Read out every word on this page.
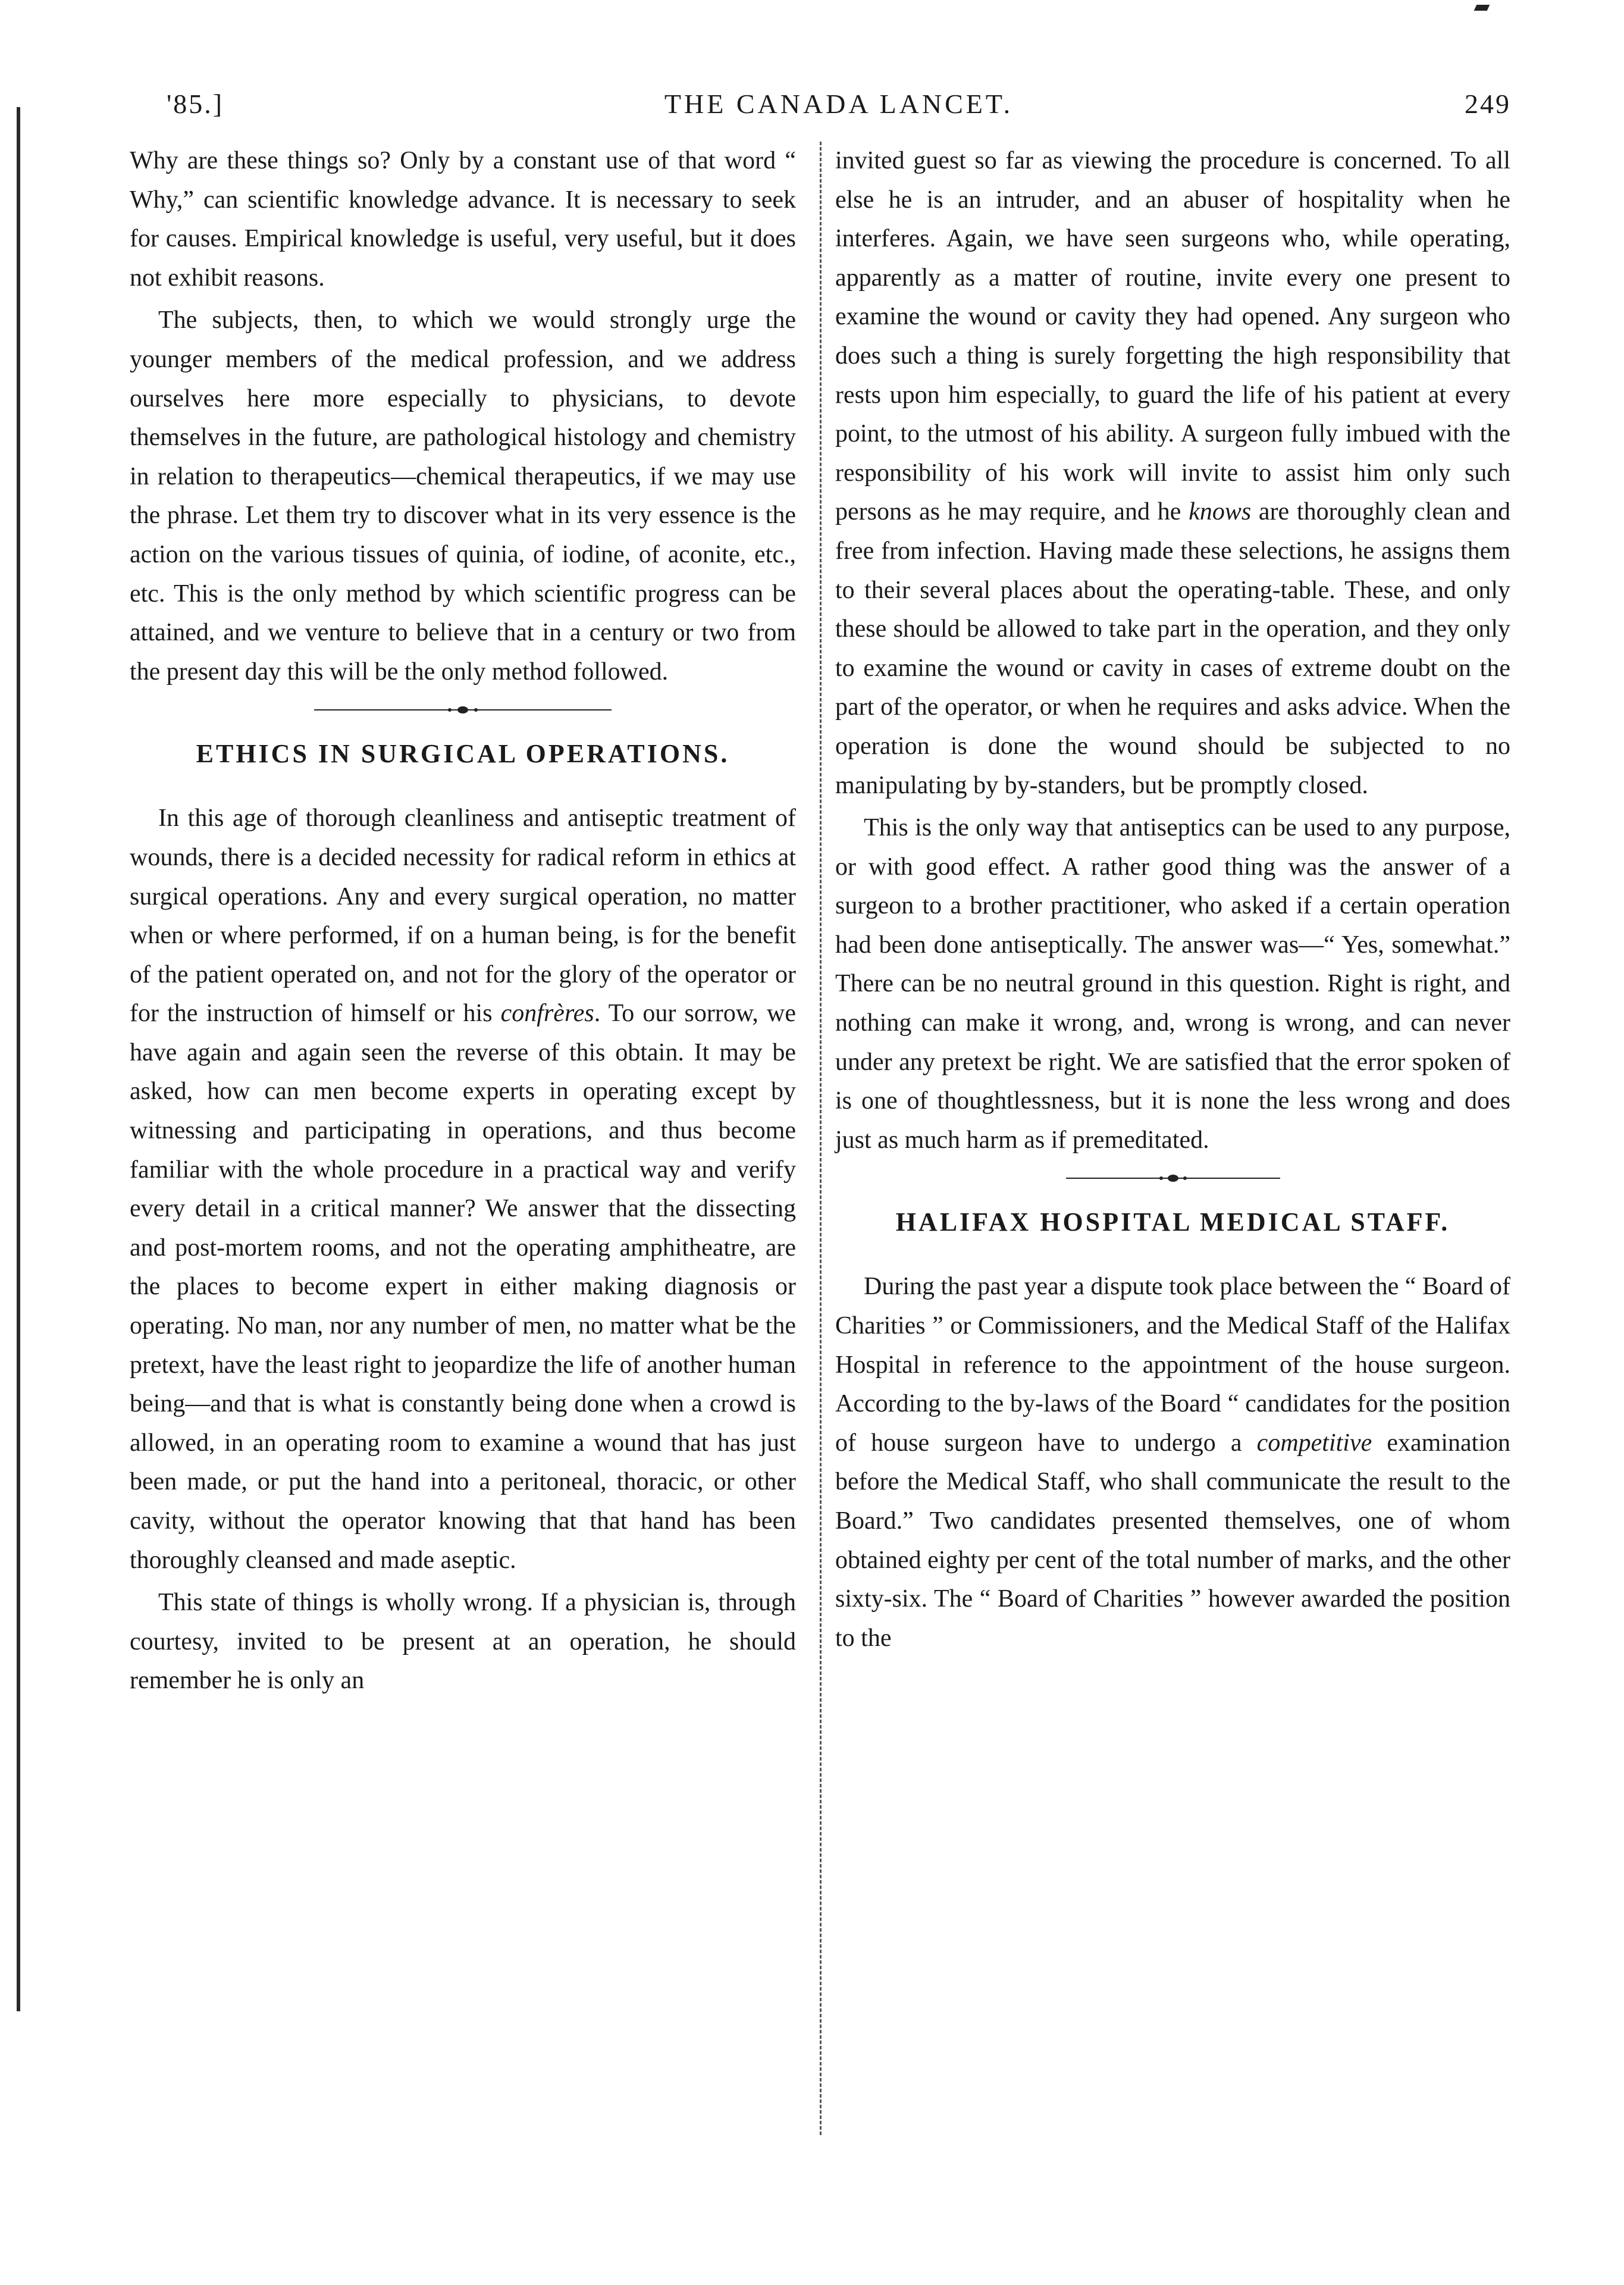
'85.]	THE CANADA LANCET.	249

Why are these things so? Only by a constant use of that word “ Why,” can scientific knowledge advance. It is necessary to seek for causes. Empirical knowledge is useful, very useful, but it does not exhibit reasons.

The subjects, then, to which we would strongly urge the younger members of the medical profession, and we address ourselves here more especially to physicians, to devote themselves in the future, are pathological histology and chemistry in relation to therapeutics—chemical therapeutics, if we may use the phrase. Let them try to discover what in its very essence is the action on the various tissues of quinia, of iodine, of aconite, etc., etc. This is the only method by which scientific progress can be attained, and we venture to believe that in a century or two from the present day this will be the only method followed.

ETHICS IN SURGICAL OPERATIONS.

In this age of thorough cleanliness and antiseptic treatment of wounds, there is a decided necessity for radical reform in ethics at surgical operations. Any and every surgical operation, no matter when or where performed, if on a human being, is for the benefit of the patient operated on, and not for the glory of the operator or for the instruction of himself or his confrères. To our sorrow, we have again and again seen the reverse of this obtain. It may be asked, how can men become experts in operating except by witnessing and participating in operations, and thus become familiar with the whole procedure in a practical way and verify every detail in a critical manner? We answer that the dissecting and post-mortem rooms, and not the operating amphitheatre, are the places to become expert in either making diagnosis or operating. No man, nor any number of men, no matter what be the pretext, have the least right to jeopardize the life of another human being—and that is what is constantly being done when a crowd is allowed, in an operating room to examine a wound that has just been made, or put the hand into a peritoneal, thoracic, or other cavity, without the operator knowing that that hand has been thoroughly cleansed and made aseptic.

This state of things is wholly wrong. If a physician is, through courtesy, invited to be present at an operation, he should remember he is only an

invited guest so far as viewing the procedure is concerned. To all else he is an intruder, and an abuser of hospitality when he interferes. Again, we have seen surgeons who, while operating, apparently as a matter of routine, invite every one present to examine the wound or cavity they had opened. Any surgeon who does such a thing is surely forgetting the high responsibility that rests upon him especially, to guard the life of his patient at every point, to the utmost of his ability. A surgeon fully imbued with the responsibility of his work will invite to assist him only such persons as he may require, and he knows are thoroughly clean and free from infection. Having made these selections, he assigns them to their several places about the operating-table. These, and only these should be allowed to take part in the operation, and they only to examine the wound or cavity in cases of extreme doubt on the part of the operator, or when he requires and asks advice. When the operation is done the wound should be subjected to no manipulating by by-standers, but be promptly closed.

This is the only way that antiseptics can be used to any purpose, or with good effect. A rather good thing was the answer of a surgeon to a brother practitioner, who asked if a certain operation had been done antiseptically. The answer was—“ Yes, somewhat.” There can be no neutral ground in this question. Right is right, and nothing can make it wrong, and, wrong is wrong, and can never under any pretext be right. We are satisfied that the error spoken of is one of thoughtlessness, but it is none the less wrong and does just as much harm as if premeditated.

HALIFAX HOSPITAL MEDICAL STAFF.

During the past year a dispute took place between the “ Board of Charities ” or Commissioners, and the Medical Staff of the Halifax Hospital in reference to the appointment of the house surgeon. According to the by-laws of the Board “ candidates for the position of house surgeon have to undergo a competitive examination before the Medical Staff, who shall communicate the result to the Board.” Two candidates presented themselves, one of whom obtained eighty per cent of the total number of marks, and the other sixty-six. The “ Board of Charities ” however awarded the position to the
